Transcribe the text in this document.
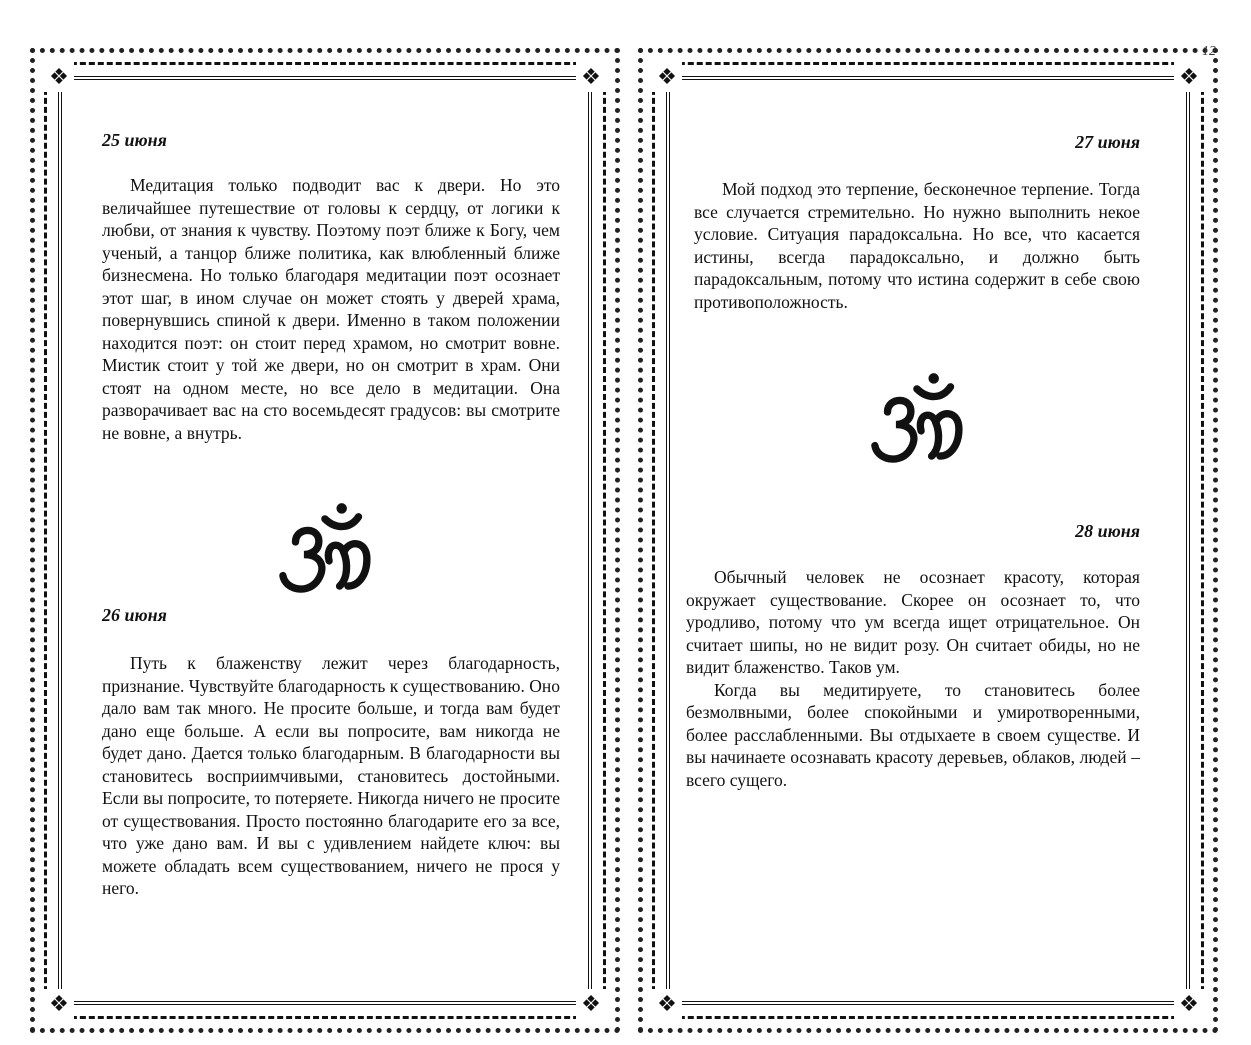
❖	❖
❖	❖
25 июня

Медитация только подводит вас к двери. Но это величайшее путешествие от головы к сердцу, от логики к любви, от знания к чувству. Поэтому поэт ближе к Богу, чем ученый, а танцор ближе политика, как влюбленный ближе бизнесмена. Но только благодаря медитации поэт осознает этот шаг, в ином случае он может стоять у дверей храма, повернувшись спиной к двери. Именно в таком положении находится поэт: он стоит перед храмом, но смотрит вовне. Мистик стоит у той же двери, но он смотрит в храм. Они стоят на одном месте, но все дело в медитации. Она разворачивает вас на сто восемьдесят градусов: вы смотрите не вовне, а внутрь.

26 июня

Путь к блаженству лежит через благодарность, признание. Чувствуйте благодарность к существованию. Оно дало вам так много. Не просите больше, и тогда вам будет дано еще больше. А если вы попросите, вам никогда не будет дано. Дается только благодарным. В благодарности вы становитесь восприимчивыми, становитесь достойными. Если вы попросите, то потеряете. Никогда ничего не просите от существования. Просто постоянно благодарите его за все, что уже дано вам. И вы с удивлением найдете ключ: вы можете обладать всем существованием, ничего не прося у него.

❖	❖
❖	❖
12
27 июня

Мой подход это терпение, бесконечное терпение. Тогда все случается стремительно. Но нужно выполнить некое условие. Ситуация парадоксальна. Но все, что касается истины, всегда парадоксально, и должно быть парадоксальным, потому что истина содержит в себе свою противоположность.

28 июня

Обычный человек не осознает красоту, которая окружает существование. Скорее он осознает то, что уродливо, потому что ум всегда ищет отрицательное. Он считает шипы, но не видит розу. Он считает обиды, но не видит блаженство. Таков ум.

Когда вы медитируете, то становитесь более безмолвными, более спокойными и умиротворенными, более расслабленными. Вы отдыхаете в своем существе. И вы начинаете осознавать красоту деревьев, облаков, людей – всего сущего.
